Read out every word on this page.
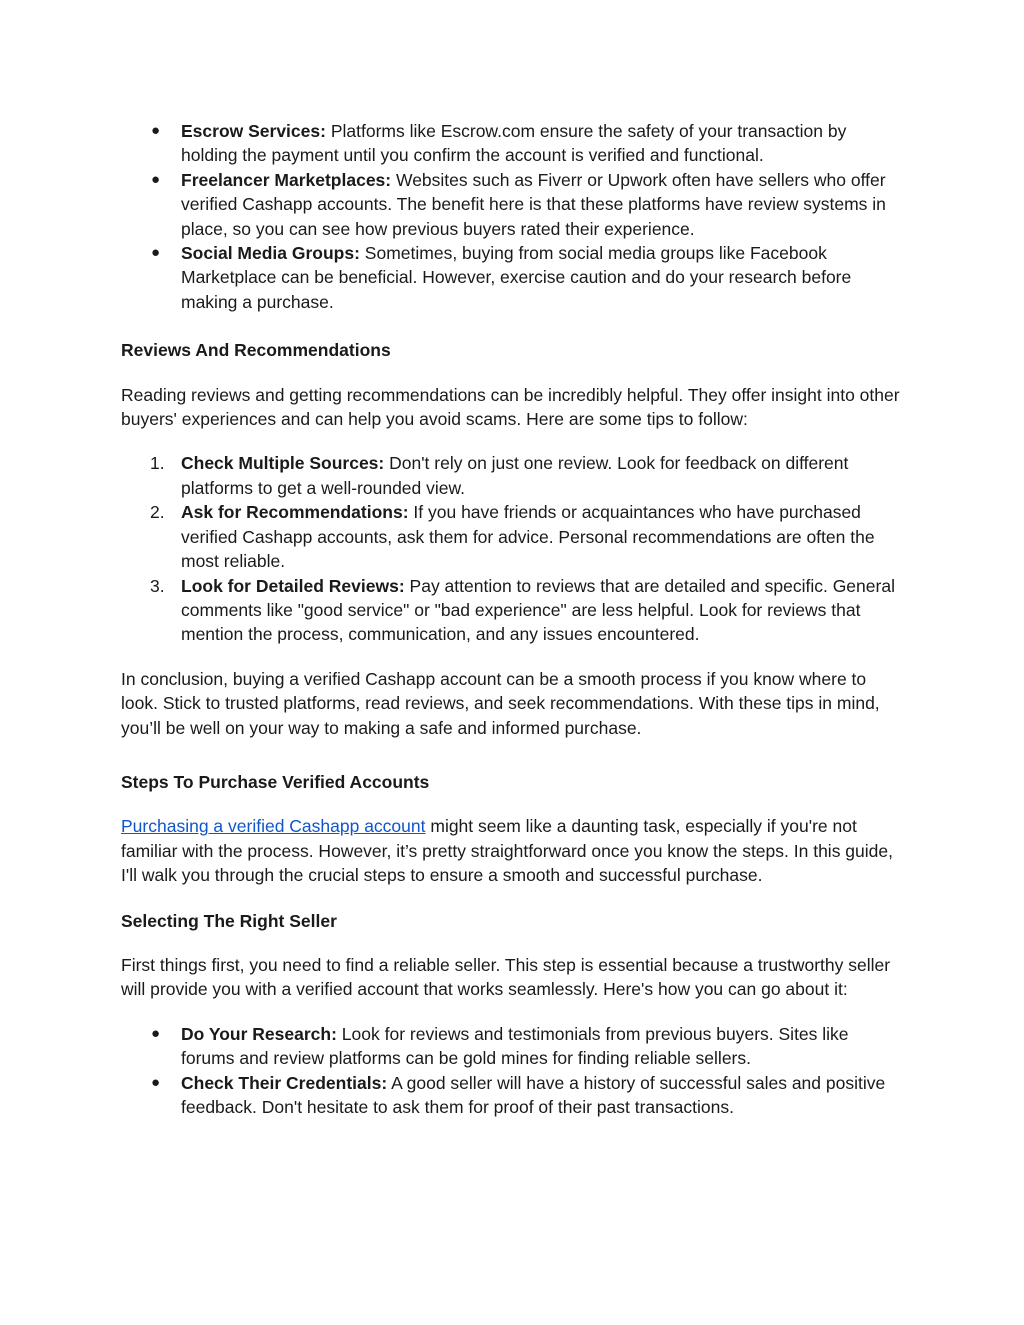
● Escrow Services: Platforms like Escrow.com ensure the safety of your transaction by holding the payment until you confirm the account is verified and functional.
● Freelancer Marketplaces: Websites such as Fiverr or Upwork often have sellers who offer verified Cashapp accounts. The benefit here is that these platforms have review systems in place, so you can see how previous buyers rated their experience.
● Social Media Groups: Sometimes, buying from social media groups like Facebook Marketplace can be beneficial. However, exercise caution and do your research before making a purchase.
Reviews And Recommendations

Reading reviews and getting recommendations can be incredibly helpful. They offer insight into other buyers' experiences and can help you avoid scams. Here are some tips to follow:

1. Check Multiple Sources: Don't rely on just one review. Look for feedback on different platforms to get a well-rounded view.
2. Ask for Recommendations: If you have friends or acquaintances who have purchased verified Cashapp accounts, ask them for advice. Personal recommendations are often the most reliable.
3. Look for Detailed Reviews: Pay attention to reviews that are detailed and specific. General comments like "good service" or "bad experience" are less helpful. Look for reviews that mention the process, communication, and any issues encountered.

In conclusion, buying a verified Cashapp account can be a smooth process if you know where to look. Stick to trusted platforms, read reviews, and seek recommendations. With these tips in mind, you’ll be well on your way to making a safe and informed purchase.

Steps To Purchase Verified Accounts

Purchasing a verified Cashapp account might seem like a daunting task, especially if you're not familiar with the process. However, it’s pretty straightforward once you know the steps. In this guide, I'll walk you through the crucial steps to ensure a smooth and successful purchase.

Selecting The Right Seller

First things first, you need to find a reliable seller. This step is essential because a trustworthy seller will provide you with a verified account that works seamlessly. Here's how you can go about it:

● Do Your Research: Look for reviews and testimonials from previous buyers. Sites like forums and review platforms can be gold mines for finding reliable sellers.
● Check Their Credentials: A good seller will have a history of successful sales and positive feedback. Don't hesitate to ask them for proof of their past transactions.
